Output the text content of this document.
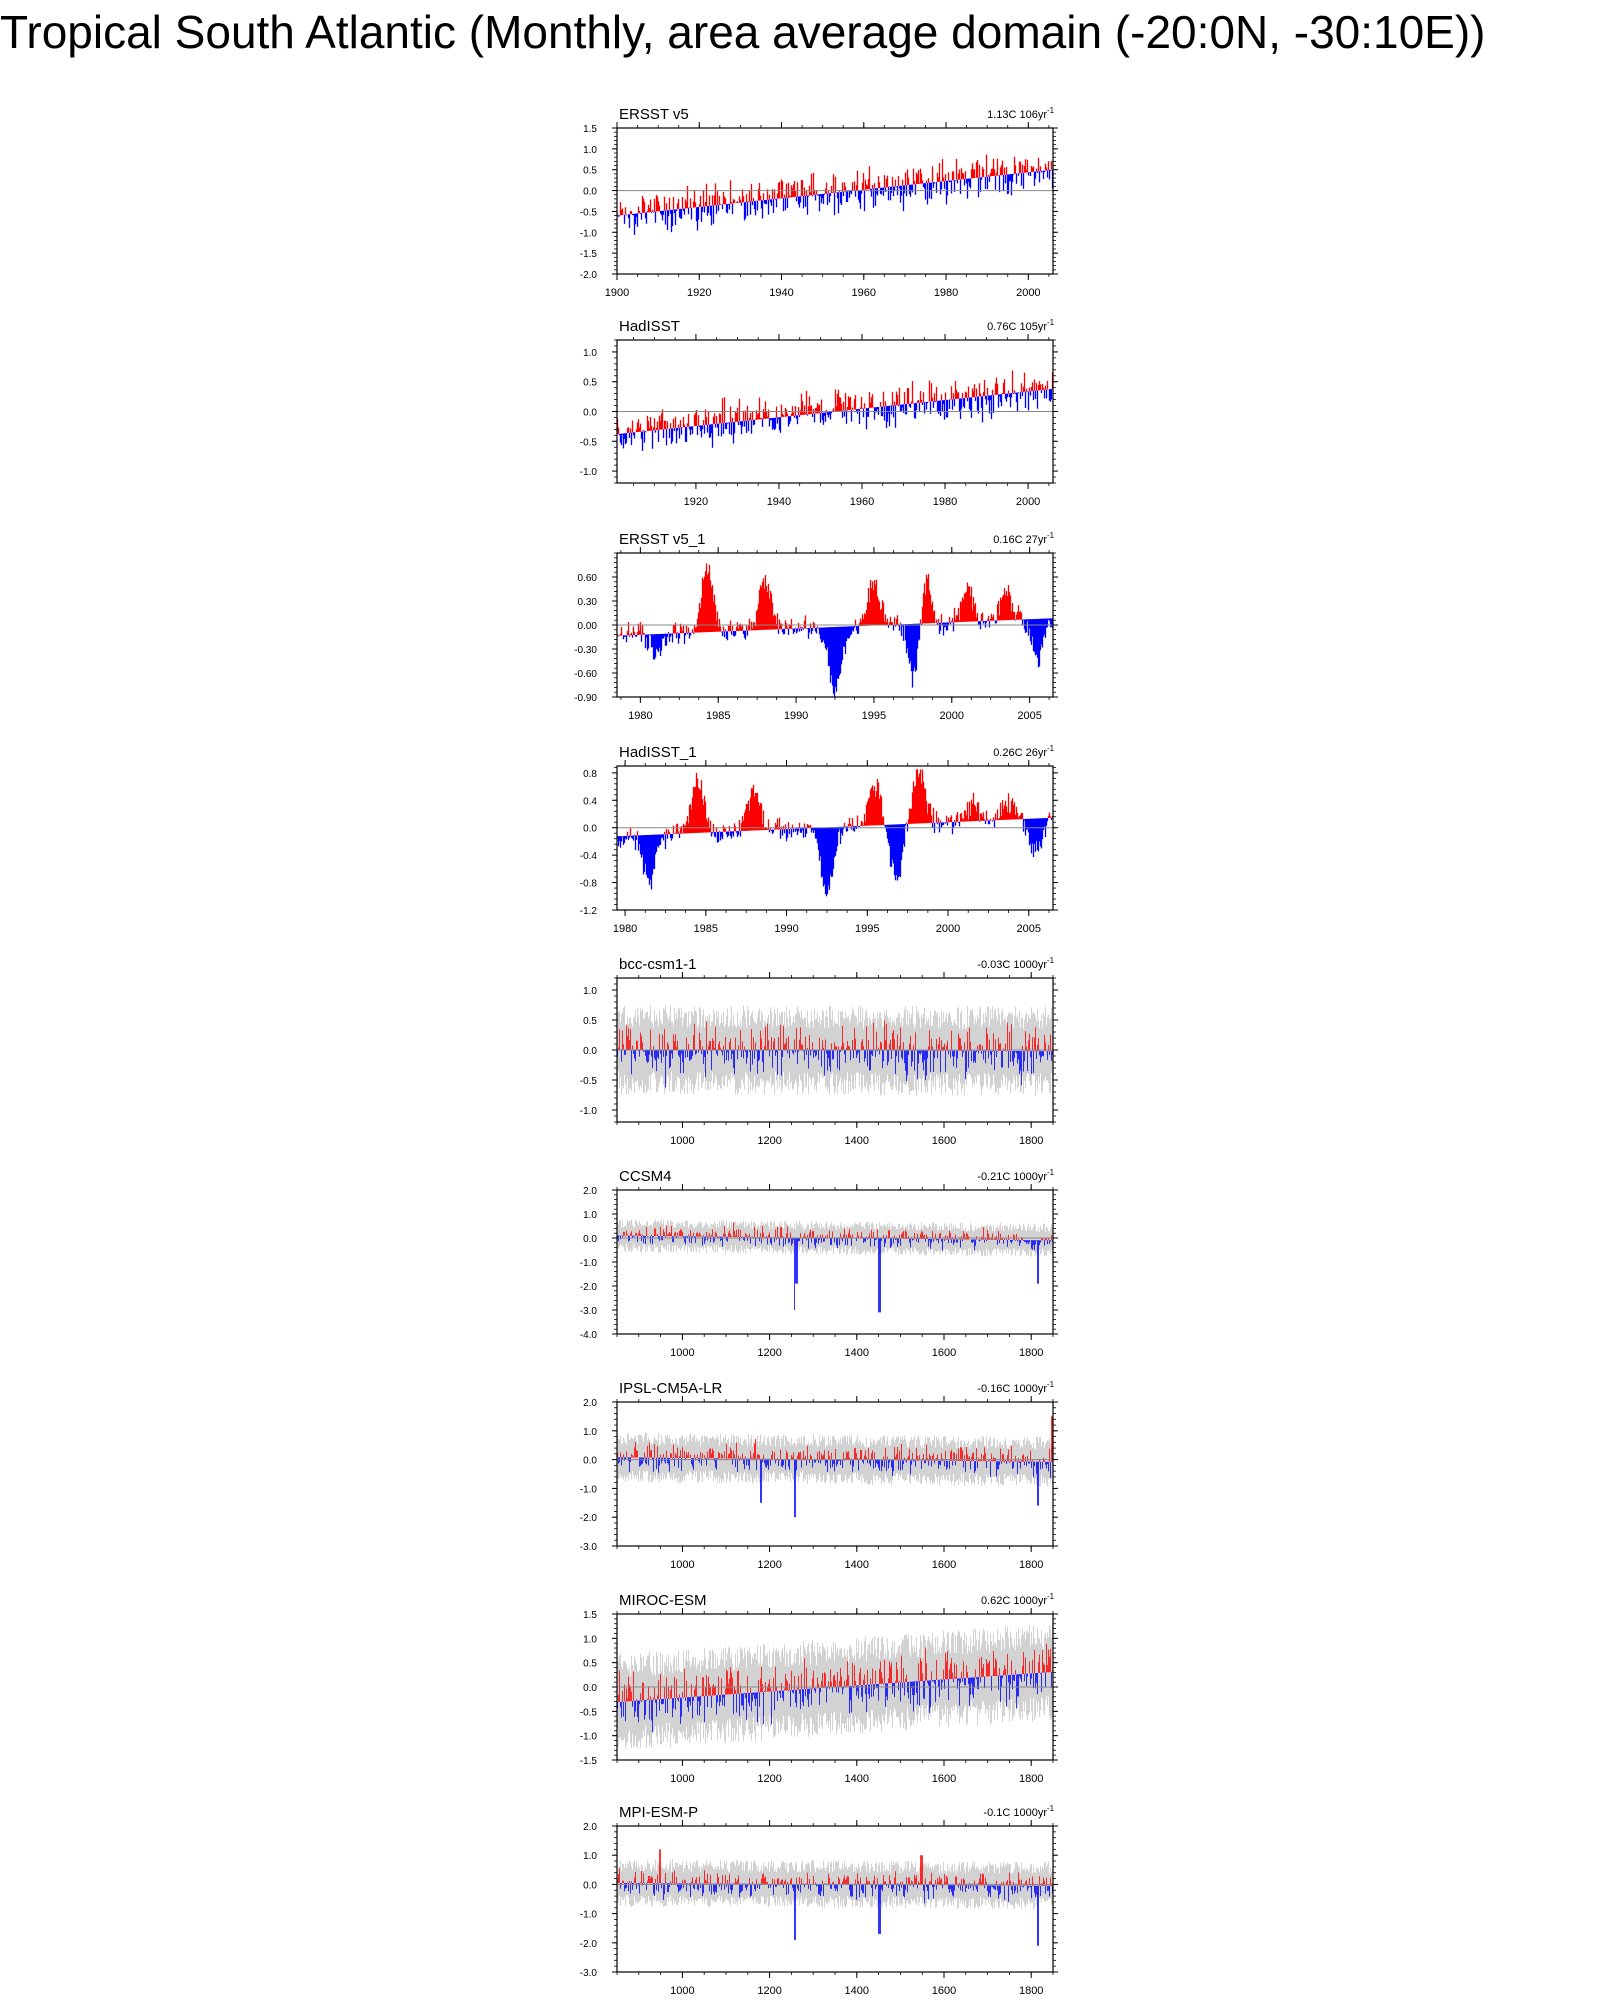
Tropical South Atlantic (Monthly, area average domain (-20:0N, -30:10E))
ERSST v5	1.13C 106yr -1
1.5
1.0
0.5
0.0
-0.5
-1.0
-1.5
-2.0
1900	1920	1940	1960	1980	2000
HadISST	0.76C 105yr -1
1.0
0.5
0.0
-0.5
-1.0
1920	1940	1960	1980	2000
ERSST v5_1	0.16C 27yr -1
0.60
0.30
0.00
-0.30
-0.60
-0.90
1980	1985	1990	1995	2000	2005
HadISST_1	0.26C 26yr -1
0.8
0.4
0.0
-0.4
-0.8
-1.2
1980	1985	1990	1995	2000	2005
bcc-csm1-1	-0.03C 1000yr -1
1.0
0.5
0.0
-0.5
-1.0
1000	1200	1400	1600	1800
CCSM4	-0.21C 1000yr -1
2.0
1.0
0.0
-1.0
-2.0
-3.0
-4.0
1000	1200	1400	1600	1800
IPSL-CM5A-LR	-0.16C 1000yr -1
2.0
1.0
0.0
-1.0
-2.0
-3.0
1000	1200	1400	1600	1800
MIROC-ESM	0.62C 1000yr -1
1.5
1.0
0.5
0.0
-0.5
-1.0
-1.5
1000	1200	1400	1600	1800
MPI-ESM-P	-0.1C 1000yr -1
2.0
1.0
0.0
-1.0
-2.0
-3.0
1000	1200	1400	1600	1800
